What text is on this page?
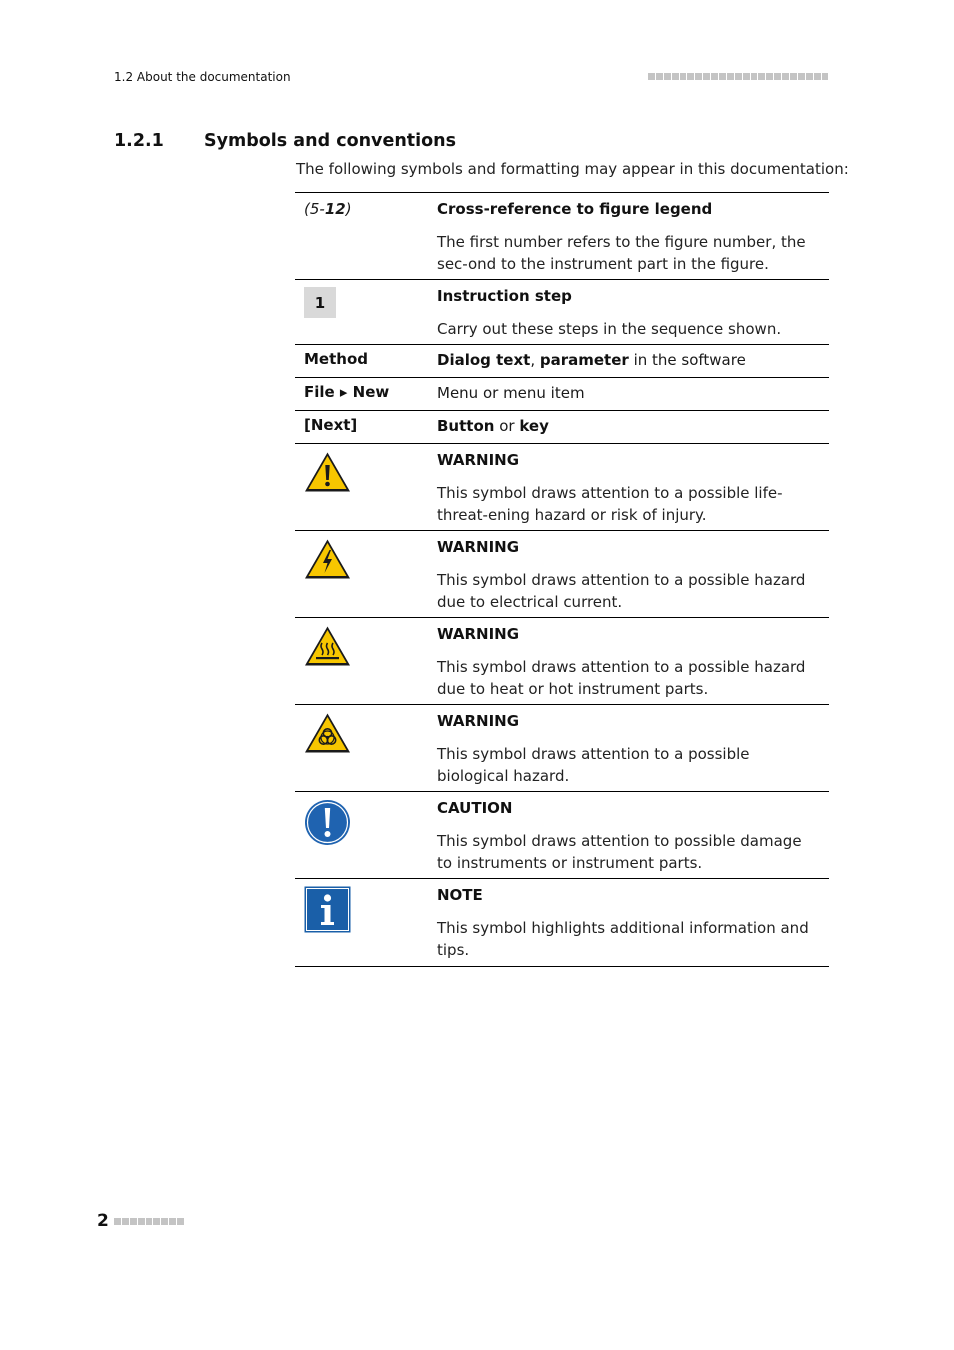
1.2 About the documentation
1.2.1 Symbols and conventions
The following symbols and formatting may appear in this documentation:
(5-12)	Cross-reference to figure legend
The first number refers to the figure number, the sec-ond to the instrument part in the figure.
1	Instruction step
Carry out these steps in the sequence shown.
Method	Dialog text, parameter in the software
File ▸ New	Menu or menu item
[Next]	Button or key
WARNING
This symbol draws attention to a possible life-threat-ening hazard or risk of injury.
WARNING
This symbol draws attention to a possible hazard due to electrical current.
WARNING
This symbol draws attention to a possible hazard due to heat or hot instrument parts.
WARNING
This symbol draws attention to a possible biological hazard.
CAUTION
This symbol draws attention to possible damage to instruments or instrument parts.
NOTE
This symbol highlights additional information and tips.
2
